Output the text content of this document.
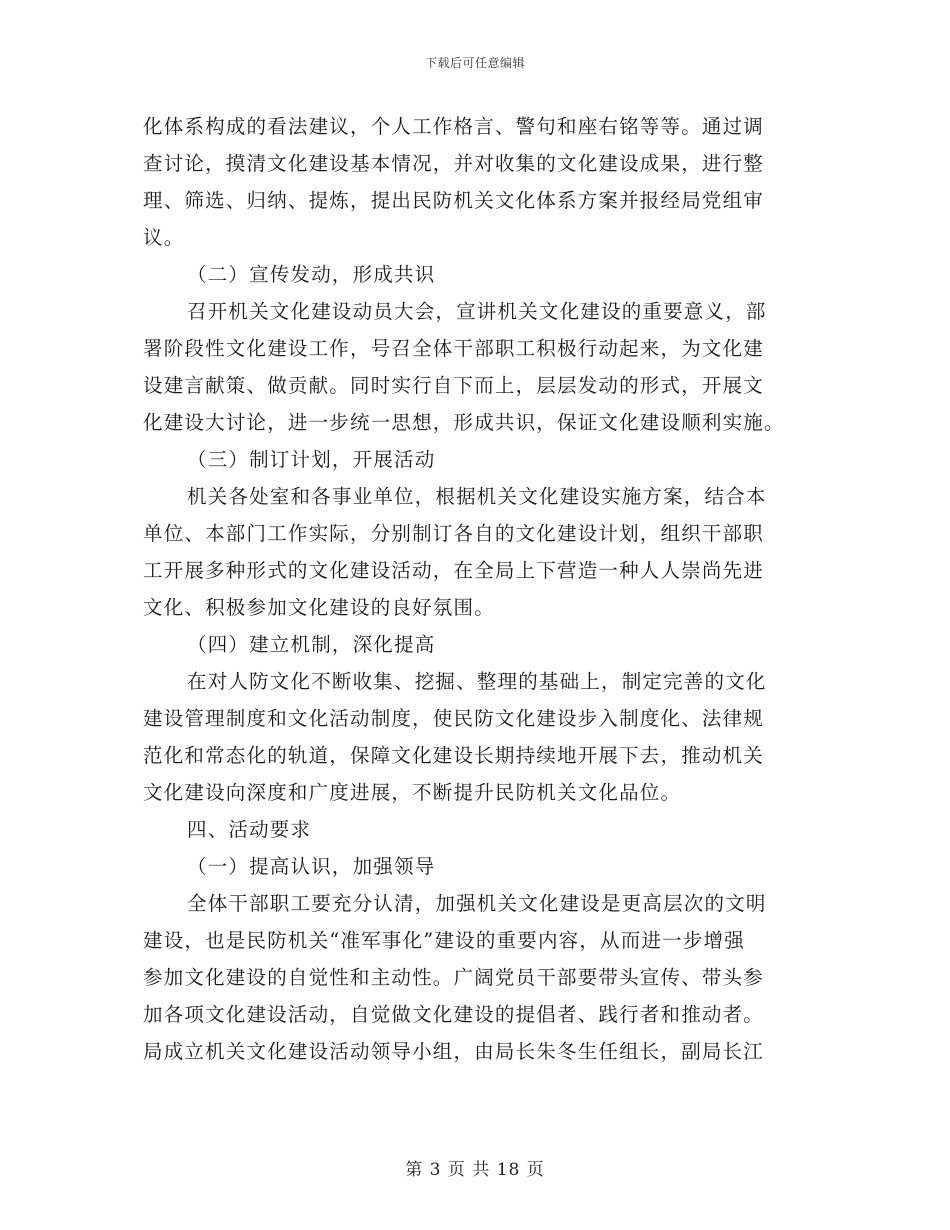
下载后可任意编辑
化体系构成的看法建议，个人工作格言、警句和座右铭等等。通过调
查讨论，摸清文化建设基本情况，并对收集的文化建设成果，进行整
理、筛选、归纳、提炼，提出民防机关文化体系方案并报经局党组审
议。
（二）宣传发动，形成共识
召开机关文化建设动员大会，宣讲机关文化建设的重要意义，部
署阶段性文化建设工作，号召全体干部职工积极行动起来，为文化建
设建言献策、做贡献。同时实行自下而上，层层发动的形式，开展文
化建设大讨论，进一步统一思想，形成共识，保证文化建设顺利实施。
（三）制订计划，开展活动
机关各处室和各事业单位，根据机关文化建设实施方案，结合本
单位、本部门工作实际，分别制订各自的文化建设计划，组织干部职
工开展多种形式的文化建设活动，在全局上下营造一种人人崇尚先进
文化、积极参加文化建设的良好氛围。
（四）建立机制，深化提高
在对人防文化不断收集、挖掘、整理的基础上，制定完善的文化
建设管理制度和文化活动制度，使民防文化建设步入制度化、法律规
范化和常态化的轨道，保障文化建设长期持续地开展下去，推动机关
文化建设向深度和广度进展，不断提升民防机关文化品位。
四、活动要求
（一）提高认识，加强领导
全体干部职工要充分认清，加强机关文化建设是更高层次的文明
建设，也是民防机关“准军事化”建设的重要内容，从而进一步增强
参加文化建设的自觉性和主动性。广阔党员干部要带头宣传、带头参
加各项文化建设活动，自觉做文化建设的提倡者、践行者和推动者。
局成立机关文化建设活动领导小组，由局长朱冬生任组长，副局长江
第 3 页 共 18 页
